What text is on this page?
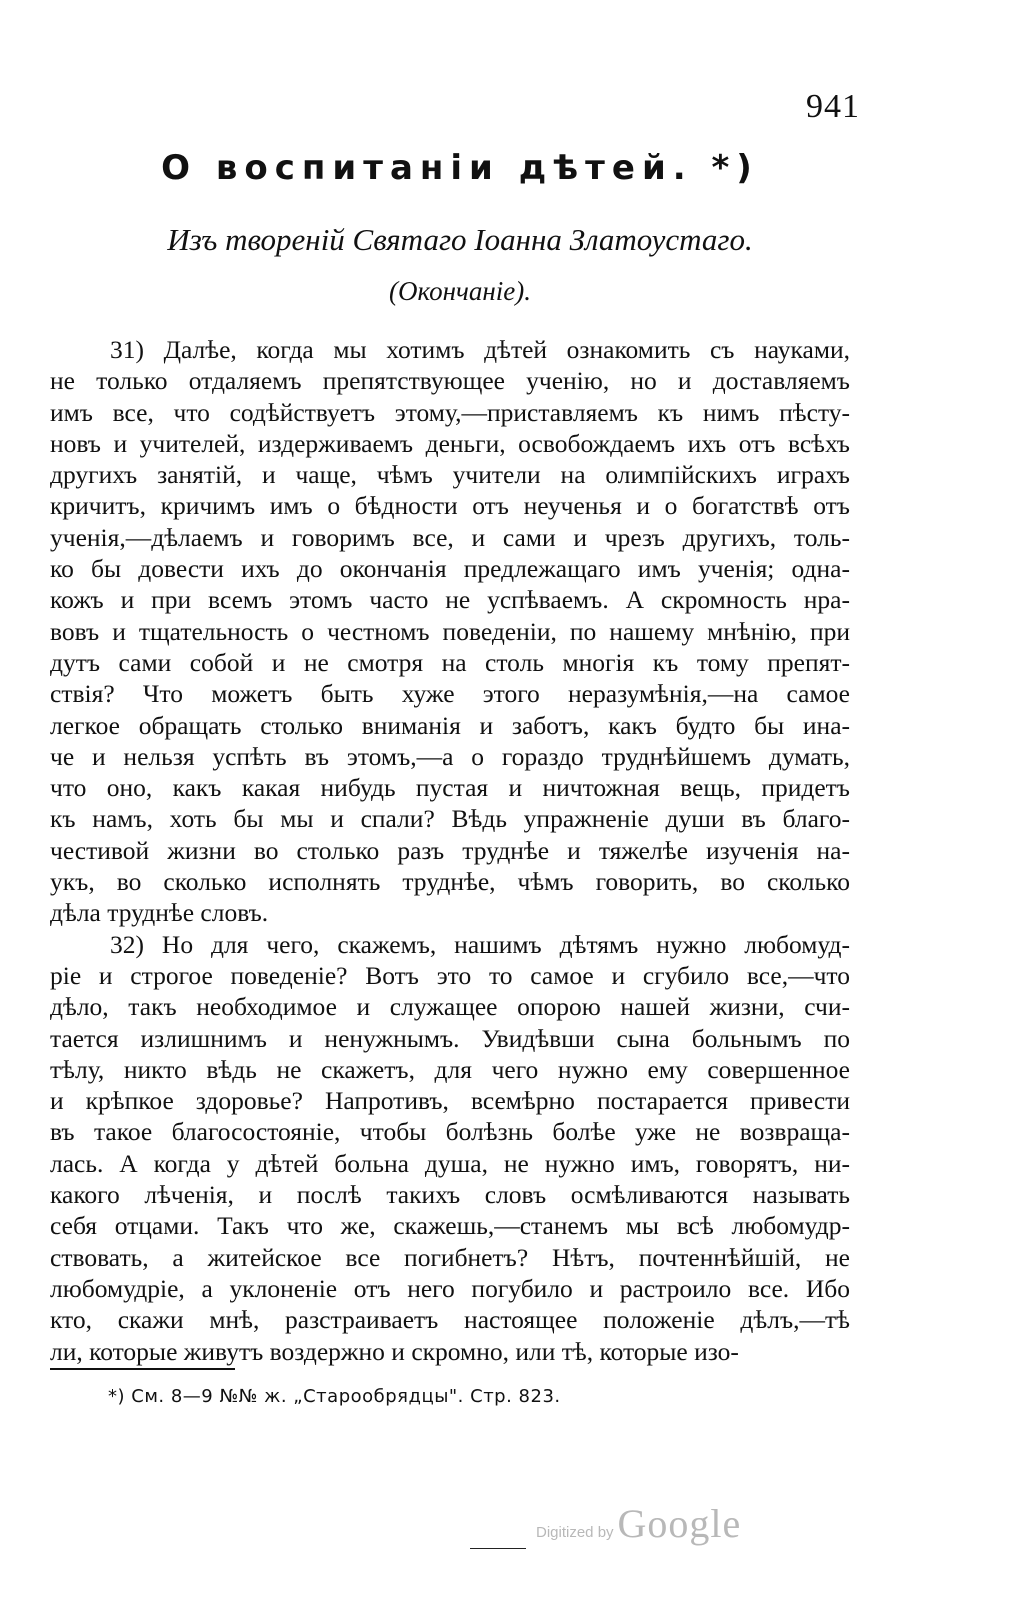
941
О воспитаніи дѣтей. *)
Изъ твореній Святаго Іоанна Златоустаго.
(Окончаніе).
31) Далѣе, когда мы хотимъ дѣтей ознакомить съ науками,
не только отдаляемъ препятствующее ученію, но и доставляемъ
имъ все, что содѣйствуетъ этому,—приставляемъ къ нимъ пѣсту-
новъ и учителей, издерживаемъ деньги, освобождаемъ ихъ отъ всѣхъ
другихъ занятій, и чаще, чѣмъ учители на олимпійскихъ играхъ
кричитъ, кричимъ имъ о бѣдности отъ неученья и о богатствѣ отъ
ученія,—дѣлаемъ и говоримъ все, и сами и чрезъ другихъ, толь-
ко бы довести ихъ до окончанія предлежащаго имъ ученія; одна-
кожъ и при всемъ этомъ часто не успѣваемъ. А скромность нра-
вовъ и тщательность о честномъ поведеніи, по нашему мнѣнію, при
дутъ сами собой и не смотря на столь многія къ тому препят-
ствія? Что можетъ быть хуже этого неразумѣнія,—на самое
легкое обращать столько вниманія и заботъ, какъ будто бы ина-
че и нельзя успѣть въ этомъ,—а о гораздо труднѣйшемъ думать,
что оно, какъ какая нибудь пустая и ничтожная вещь, придетъ
къ намъ, хоть бы мы и спали? Вѣдь упражненіе души въ благо-
честивой жизни во столько разъ труднѣе и тяжелѣе изученія на-
укъ, во сколько исполнять труднѣе, чѣмъ говорить, во сколько
дѣла труднѣе словъ.
32) Но для чего, скажемъ, нашимъ дѣтямъ нужно любомуд-
ріе и строгое поведеніе? Вотъ это то самое и сгубило все,—что
дѣло, такъ необходимое и служащее опорою нашей жизни, счи-
тается излишнимъ и ненужнымъ. Увидѣвши сына больнымъ по
тѣлу, никто вѣдь не скажетъ, для чего нужно ему совершенное
и крѣпкое здоровье? Напротивъ, всемѣрно постарается привести
въ такое благосостояніе, чтобы болѣзнь болѣе уже не возвраща-
лась. А когда у дѣтей больна душа, не нужно имъ, говорятъ, ни-
какого лѣченія, и послѣ такихъ словъ осмѣливаются называть
себя отцами. Такъ что же, скажешь,—станемъ мы всѣ любомудр-
ствовать, а житейское все погибнетъ? Нѣтъ, почтеннѣйшій, не
любомудріе, а уклоненіе отъ него погубило и растроило все. Ибо
кто, скажи мнѣ, разстраиваетъ настоящее положеніе дѣлъ,—тѣ
ли, которые живутъ воздержно и скромно, или тѣ, которые изо-
*) См. 8—9 №№ ж. „Старообрядцы". Стр. 823.
Digitized by Google
